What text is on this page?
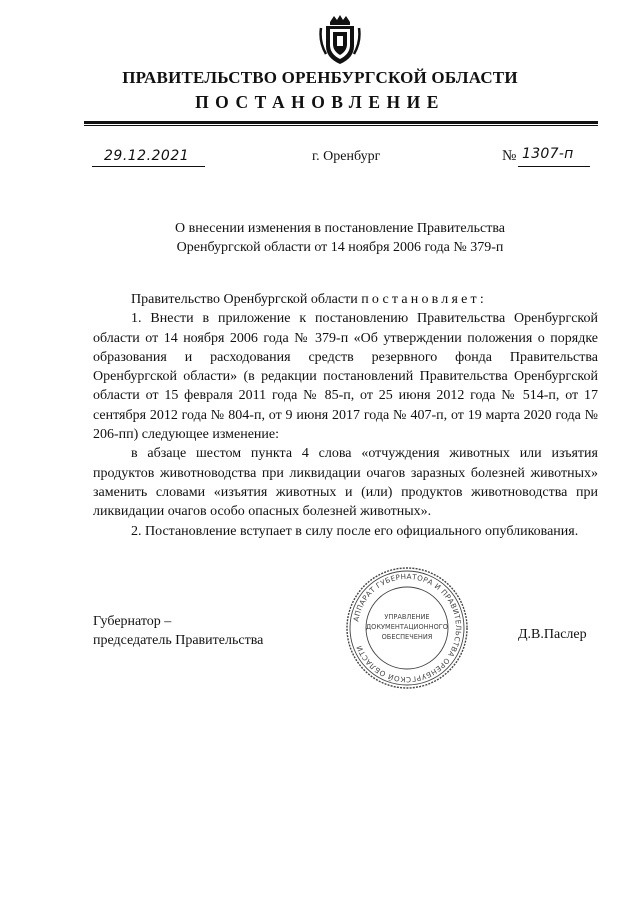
ПРАВИТЕЛЬСТВО ОРЕНБУРГСКОЙ ОБЛАСТИ
ПОСТАНОВЛЕНИЕ
29.12.2021	г. Оренбург	№ 1307-п
О внесении изменения в постановление Правительства
Оренбургской области от 14 ноября 2006 года № 379-п

Правительство Оренбургской области постановляет:

1. Внести в приложение к постановлению Правительства Оренбургской области от 14 ноября 2006 года № 379-п «Об утверждении положения о порядке образования и расходования средств резервного фонда Правительства Оренбургской области» (в редакции постановлений Правительства Оренбургской области от 15 февраля 2011 года № 85-п, от 25 июня 2012 года № 514-п, от 17 сентября 2012 года № 804-п, от 9 июня 2017 года № 407-п, от 19 марта 2020 года № 206-пп) следующее изменение:

в абзаце шестом пункта 4 слова «отчуждения животных или изъятия продуктов животноводства при ликвидации очагов заразных болезней животных» заменить словами «изъятия животных и (или) продуктов животноводства при ликвидации очагов особо опасных болезней животных».

2. Постановление вступает в силу после его официального опубликования.

Губернатор –
председатель Правительства	Д.В.Паслер
АППАРАТ ГУБЕРНАТОРА И ПРАВИТЕЛЬСТВА ОРЕНБУРГСКОЙ ОБЛАСТИ
УПРАВЛЕНИЕ
ДОКУМЕНТАЦИОННОГО
ОБЕСПЕЧЕНИЯ
